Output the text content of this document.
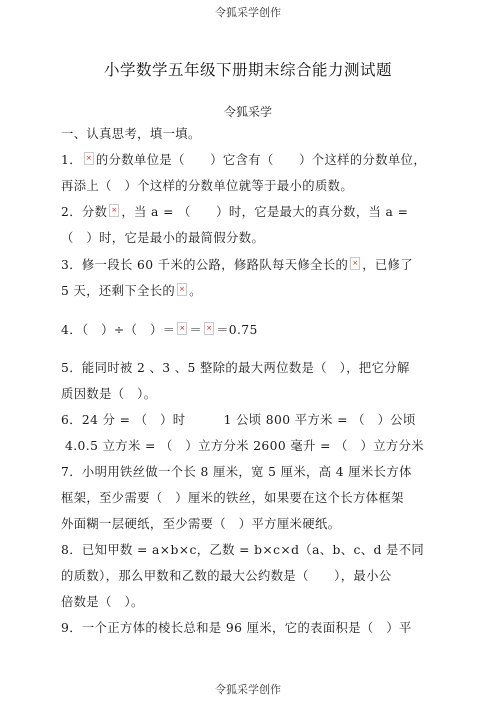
令狐采学创作
小学数学五年级下册期末综合能力测试题
令狐采学
一、认真思考，填一填。
1． × 的分数单位是（　　）它含有（　　）个这样的分数单位，
再添上（　）个这样的分数单位就等于最小的质数。
2．分数 × ，当 a = （　　）时，它是最大的真分数，当 a =
（　）时，它是最小的最简假分数。
3．修一段长 60 千米的公路，修路队每天修全长的 × ，已修了
5 天，还剩下全长的 × 。
4．（　）÷（　）＝ × ＝ × ＝0.75
5．能同时被 2 、3 、5 整除的最大两位数是（　），把它分解
质因数是（　）。
6．24 分 = （　）时　　　1 公顷 800 平方米 = （　）公顷
4.0.5 立方米 = （　）立方分米 2600 毫升 = （　）立方分米
7．小明用铁丝做一个长 8 厘米，宽 5 厘米，高 4 厘米长方体
框架，至少需要（　）厘米的铁丝，如果要在这个长方体框架
外面糊一层硬纸，至少需要（　）平方厘米硬纸。
8．已知甲数 = a×b×c，乙数 = b×c×d（a、b、c、d 是不同
的质数），那么甲数和乙数的最大公约数是（　　），最小公
倍数是（　）。
9．一个正方体的棱长总和是 96 厘米，它的表面积是（　）平
令狐采学创作
